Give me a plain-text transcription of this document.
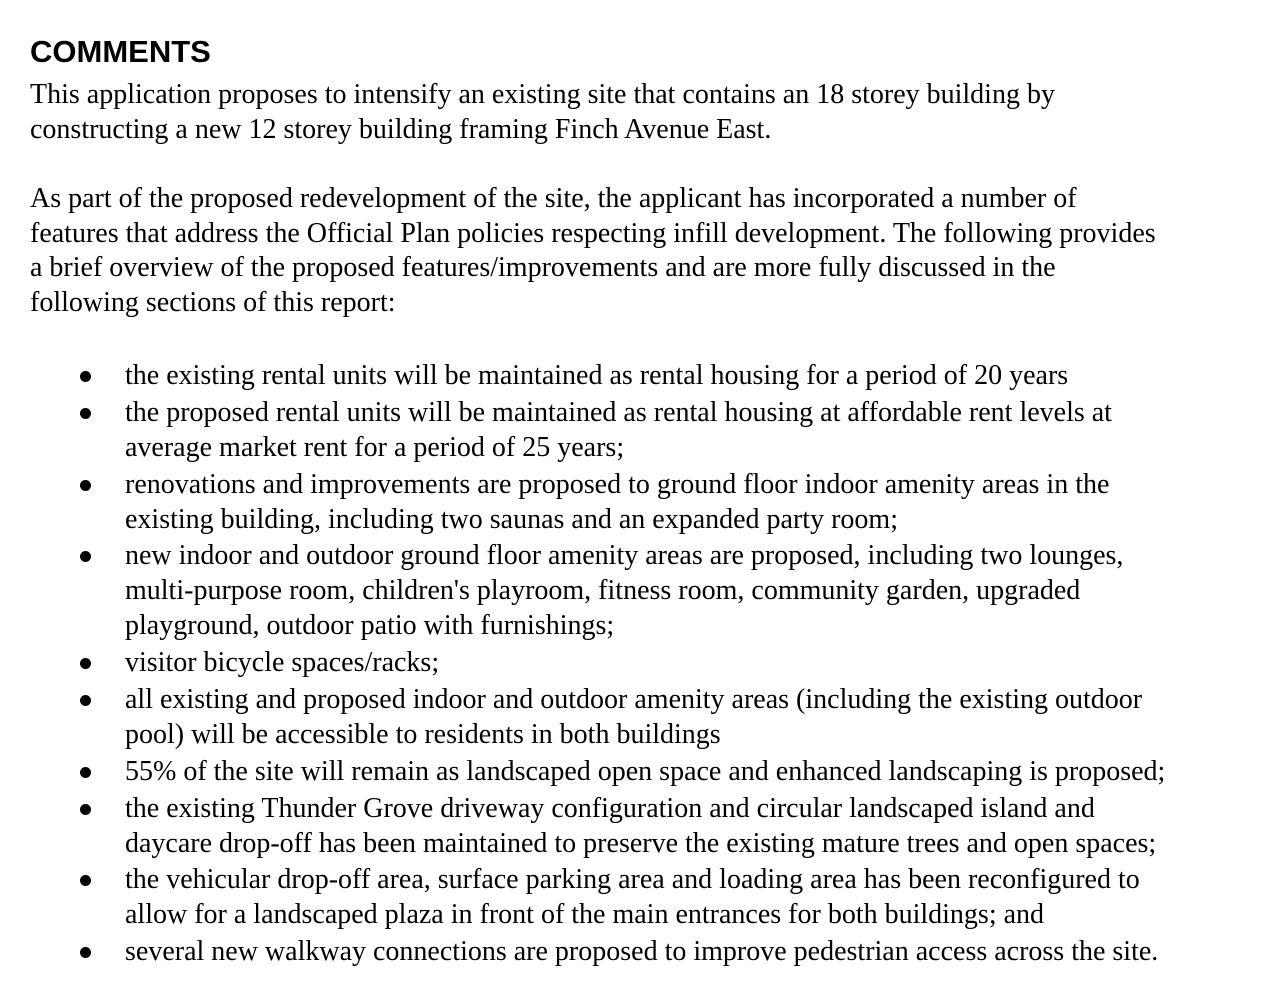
COMMENTS

This application proposes to intensify an existing site that contains an 18 storey building by
constructing a new 12 storey building framing Finch Avenue East.

As part of the proposed redevelopment of the site, the applicant has incorporated a number of
features that address the Official Plan policies respecting infill development. The following provides
a brief overview of the proposed features/improvements and are more fully discussed in the
following sections of this report:

the existing rental units will be maintained as rental housing for a period of 20 years
the proposed rental units will be maintained as rental housing at affordable rent levels at
average market rent for a period of 25 years;
renovations and improvements are proposed to ground floor indoor amenity areas in the
existing building, including two saunas and an expanded party room;
new indoor and outdoor ground floor amenity areas are proposed, including two lounges,
multi-purpose room, children's playroom, fitness room, community garden, upgraded
playground, outdoor patio with furnishings;
visitor bicycle spaces/racks;
all existing and proposed indoor and outdoor amenity areas (including the existing outdoor
pool) will be accessible to residents in both buildings
55% of the site will remain as landscaped open space and enhanced landscaping is proposed;
the existing Thunder Grove driveway configuration and circular landscaped island and
daycare drop-off has been maintained to preserve the existing mature trees and open spaces;
the vehicular drop-off area, surface parking area and loading area has been reconfigured to
allow for a landscaped plaza in front of the main entrances for both buildings; and
several new walkway connections are proposed to improve pedestrian access across the site.
